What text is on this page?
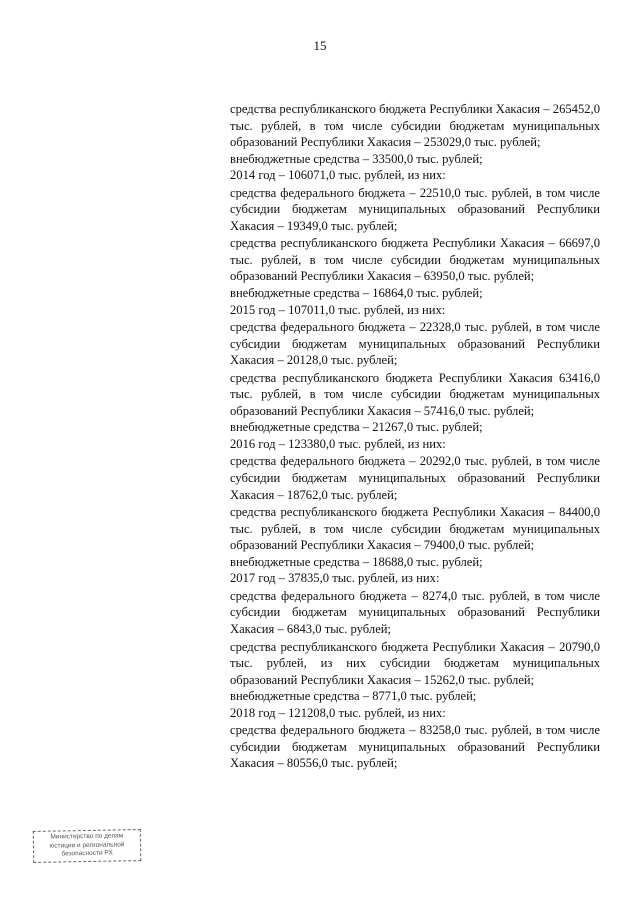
15

средства республиканского бюджета Республики Хакасия – 265452,0 тыс. рублей, в том числе субсидии бюджетам муниципальных образований Республики Хакасия – 253029,0 тыс. рублей;

внебюджетные средства – 33500,0 тыс. рублей;

2014 год – 106071,0 тыс. рублей, из них:

средства федерального бюджета – 22510,0 тыс. рублей, в том числе субсидии бюджетам муниципальных образований Республики Хакасия – 19349,0 тыс. рублей;

средства республиканского бюджета Республики Хакасия – 66697,0 тыс. рублей, в том числе субсидии бюджетам муниципальных образований Республики Хакасия – 63950,0 тыс. рублей;

внебюджетные средства – 16864,0 тыс. рублей;

2015 год – 107011,0 тыс. рублей, из них:

средства федерального бюджета – 22328,0 тыс. рублей, в том числе субсидии бюджетам муниципальных образований Республики Хакасия – 20128,0 тыс. рублей;

средства республиканского бюджета Республики Хакасия 63416,0 тыс. рублей, в том числе субсидии бюджетам муниципальных образований Республики Хакасия – 57416,0 тыс. рублей;

внебюджетные средства – 21267,0 тыс. рублей;

2016 год – 123380,0 тыс. рублей, из них:

средства федерального бюджета – 20292,0 тыс. рублей, в том числе субсидии бюджетам муниципальных образований Республики Хакасия – 18762,0 тыс. рублей;

средства республиканского бюджета Республики Хакасия – 84400,0 тыс. рублей, в том числе субсидии бюджетам муниципальных образований Республики Хакасия – 79400,0 тыс. рублей;

внебюджетные средства – 18688,0 тыс. рублей;

2017 год – 37835,0 тыс. рублей, из них:

средства федерального бюджета – 8274,0 тыс. рублей, в том числе субсидии бюджетам муниципальных образований Республики Хакасия – 6843,0 тыс. рублей;

средства республиканского бюджета Республики Хакасия – 20790,0 тыс. рублей, из них субсидии бюджетам муниципальных образований Республики Хакасия – 15262,0 тыс. рублей;

внебюджетные средства – 8771,0 тыс. рублей;

2018 год – 121208,0 тыс. рублей, из них:

средства федерального бюджета – 83258,0 тыс. рублей, в том числе субсидии бюджетам муниципальных образований Республики Хакасия – 80556,0 тыс. рублей;

Министерство по делам
юстиции и региональной
безопасности РХ
